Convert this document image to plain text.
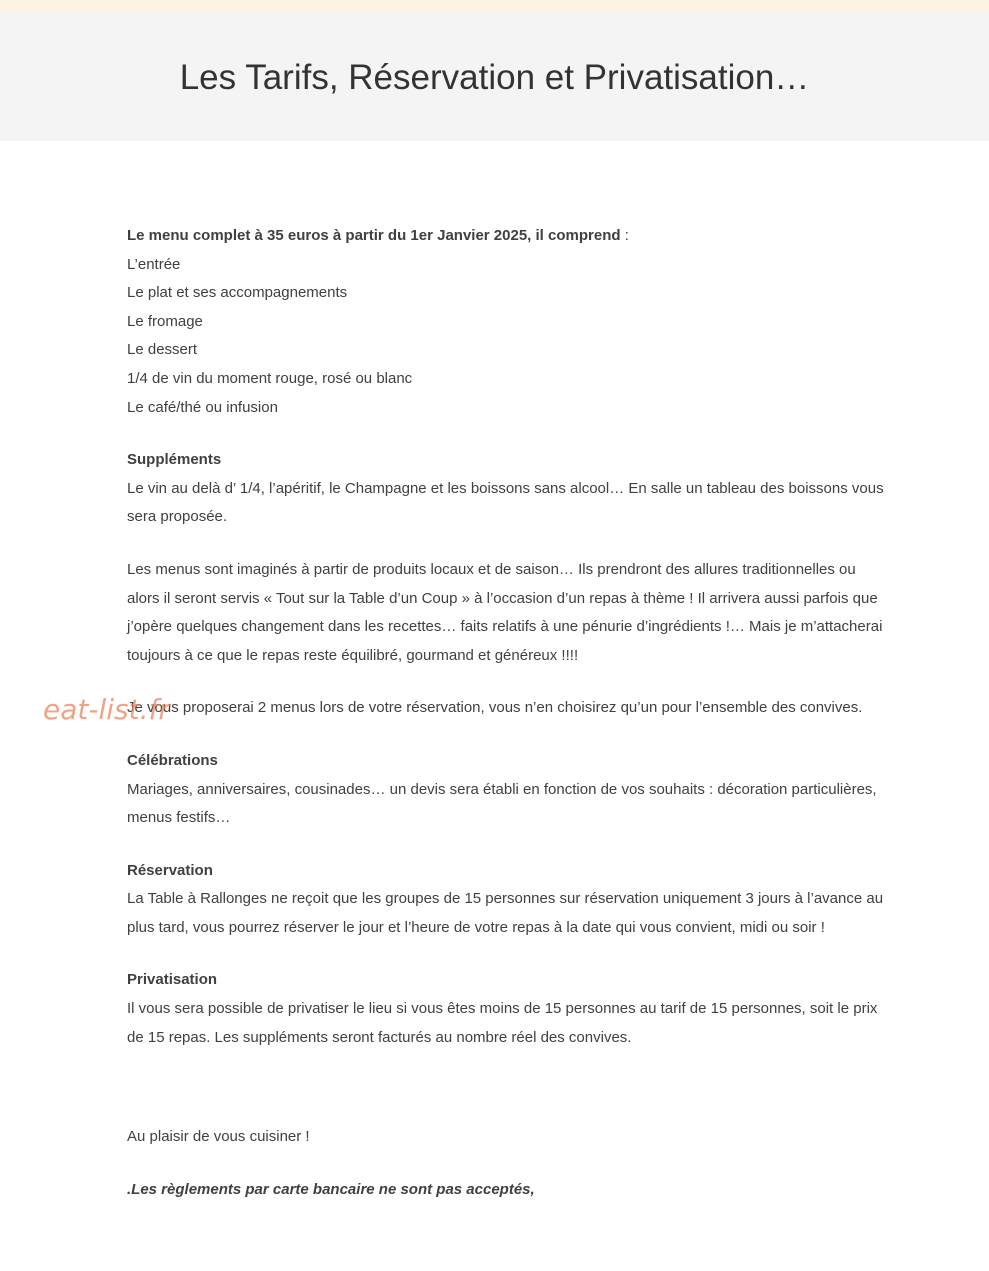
Les Tarifs, Réservation et Privatisation…

Le menu complet à 35 euros à partir du 1er Janvier 2025, il comprend :

L’entrée

Le plat et ses accompagnements

Le fromage

Le dessert

1/4 de vin du moment rouge, rosé ou blanc

Le café/thé ou infusion

Suppléments

Le vin au delà d’ 1/4, l’apéritif, le Champagne et les boissons sans alcool… En salle un tableau des boissons vous sera proposée.

Les menus sont imaginés à partir de produits locaux et de saison… Ils prendront des allures traditionnelles ou alors il seront servis « Tout sur la Table d’un Coup » à l’occasion d’un repas à thème ! Il arrivera aussi parfois que j’opère quelques changement dans les recettes… faits relatifs à une pénurie d’ingrédients !… Mais je m’attacherai toujours à ce que le repas reste équilibré, gourmand et généreux !!!!

Je vous proposerai 2 menus lors de votre réservation, vous n’en choisirez qu’un pour l’ensemble des convives.

Célébrations

Mariages, anniversaires, cousinades… un devis sera établi en fonction de vos souhaits : décoration particulières, menus festifs…

Réservation

La Table à Rallonges ne reçoit que les groupes de 15 personnes sur réservation uniquement 3 jours à l’avance au plus tard, vous pourrez réserver le jour et l’heure de votre repas à la date qui vous convient, midi ou soir !

Privatisation

Il vous sera possible de privatiser le lieu si vous êtes moins de 15 personnes au tarif de 15 personnes, soit le prix de 15 repas. Les suppléments seront facturés au nombre réel des convives.

Au plaisir de vous cuisiner !

.Les règlements par carte bancaire ne sont pas acceptés,

eat-list.fr
